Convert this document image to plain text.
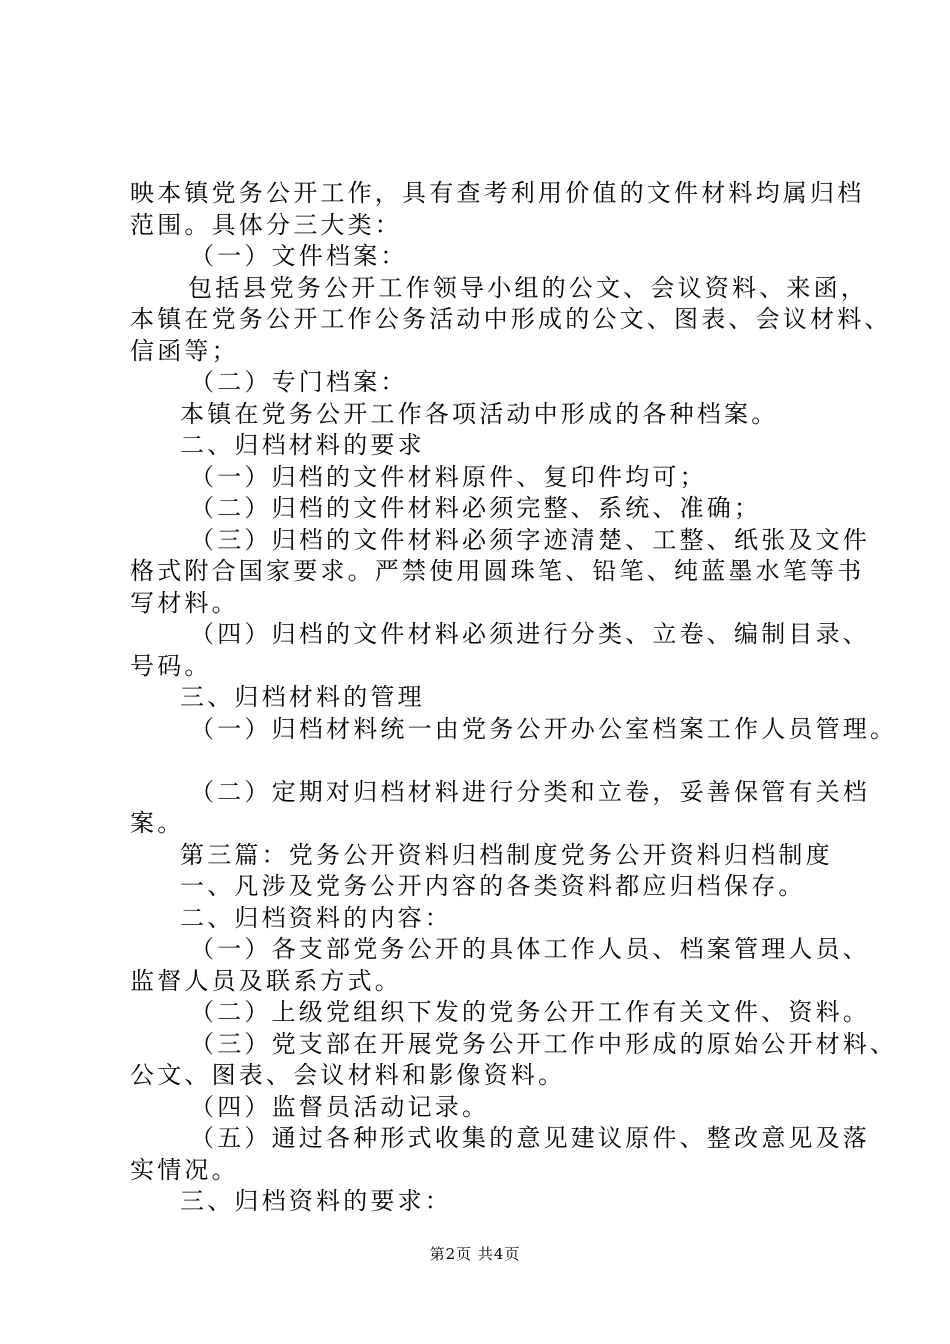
映本镇党务公开工作，具有查考利用价值的文件材料均属归档
范围。具体分三大类：
（一）文件档案：
包括县党务公开工作领导小组的公文、会议资料、来函，
本镇在党务公开工作公务活动中形成的公文、图表、会议材料、
信函等；
（二）专门档案：
本镇在党务公开工作各项活动中形成的各种档案。
二、归档材料的要求
（一）归档的文件材料原件、复印件均可；
（二）归档的文件材料必须完整、系统、准确；
（三）归档的文件材料必须字迹清楚、工整、纸张及文件
格式附合国家要求。严禁使用圆珠笔、铅笔、纯蓝墨水笔等书
写材料。
（四）归档的文件材料必须进行分类、立卷、编制目录、
号码。
三、归档材料的管理
（一）归档材料统一由党务公开办公室档案工作人员管理。
（二）定期对归档材料进行分类和立卷，妥善保管有关档
案。
第三篇：党务公开资料归档制度党务公开资料归档制度
一、凡涉及党务公开内容的各类资料都应归档保存。
二、归档资料的内容：
（一）各支部党务公开的具体工作人员、档案管理人员、
监督人员及联系方式。
（二）上级党组织下发的党务公开工作有关文件、资料。
（三）党支部在开展党务公开工作中形成的原始公开材料、
公文、图表、会议材料和影像资料。
（四）监督员活动记录。
（五）通过各种形式收集的意见建议原件、整改意见及落
实情况。
三、归档资料的要求：
第2页 共4页
